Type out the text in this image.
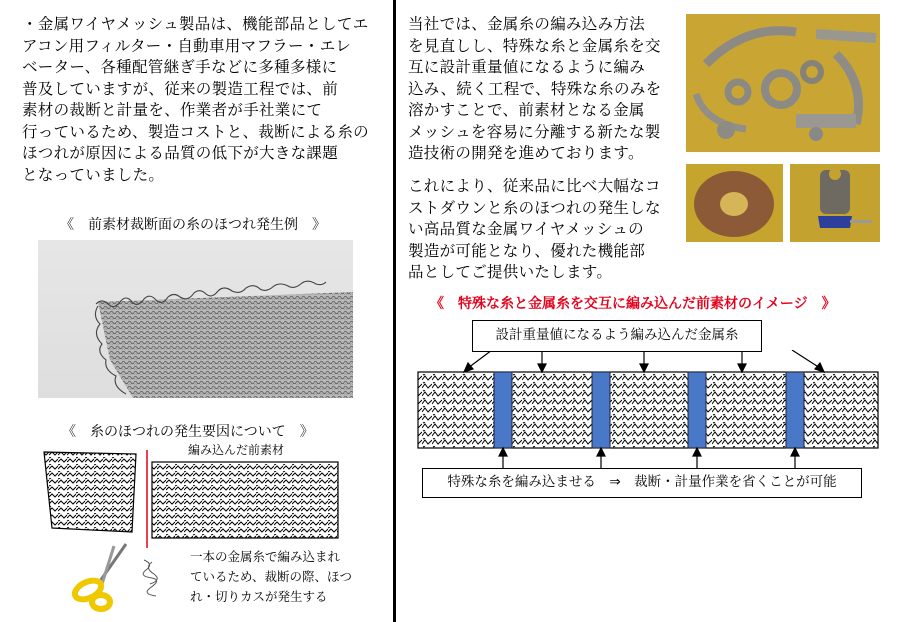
・金属ワイヤメッシュ製品は、機能部品としてエ
アコン用フィルター・自動車用マフラー・エレ
ベーター、各種配管継ぎ手などに多種多様に
普及していますが、従来の製造工程では、前
素材の裁断と計量を、作業者が手社業にて
行っているため、製造コストと、裁断による糸の
ほつれが原因による品質の低下が大きな課題
となっていました。
《　前素材裁断面の糸のほつれ発生例　》
《　糸のほつれの発生要因について　》
編み込んだ前素材
一本の金属糸で編み込まれ
ているため、裁断の際、ほつ
れ・切りカスが発生する
当社では、金属糸の編み込み方法
を見直しし、特殊な糸と金属糸を交
互に設計重量値になるように編み
込み、続く工程で、特殊な糸のみを
溶かすことで、前素材となる金属
メッシュを容易に分離する新たな製
造技術の開発を進めております。
これにより、従来品に比べ大幅なコ
ストダウンと糸のほつれの発生しな
い高品質な金属ワイヤメッシュの
製造が可能となり、優れた機能部
品としてご提供いたします。
《　特殊な糸と金属糸を交互に編み込んだ前素材のイメージ　》
設計重量値になるよう編み込んだ金属糸
特殊な糸を編み込ませる　⇒　裁断・計量作業を省くことが可能
